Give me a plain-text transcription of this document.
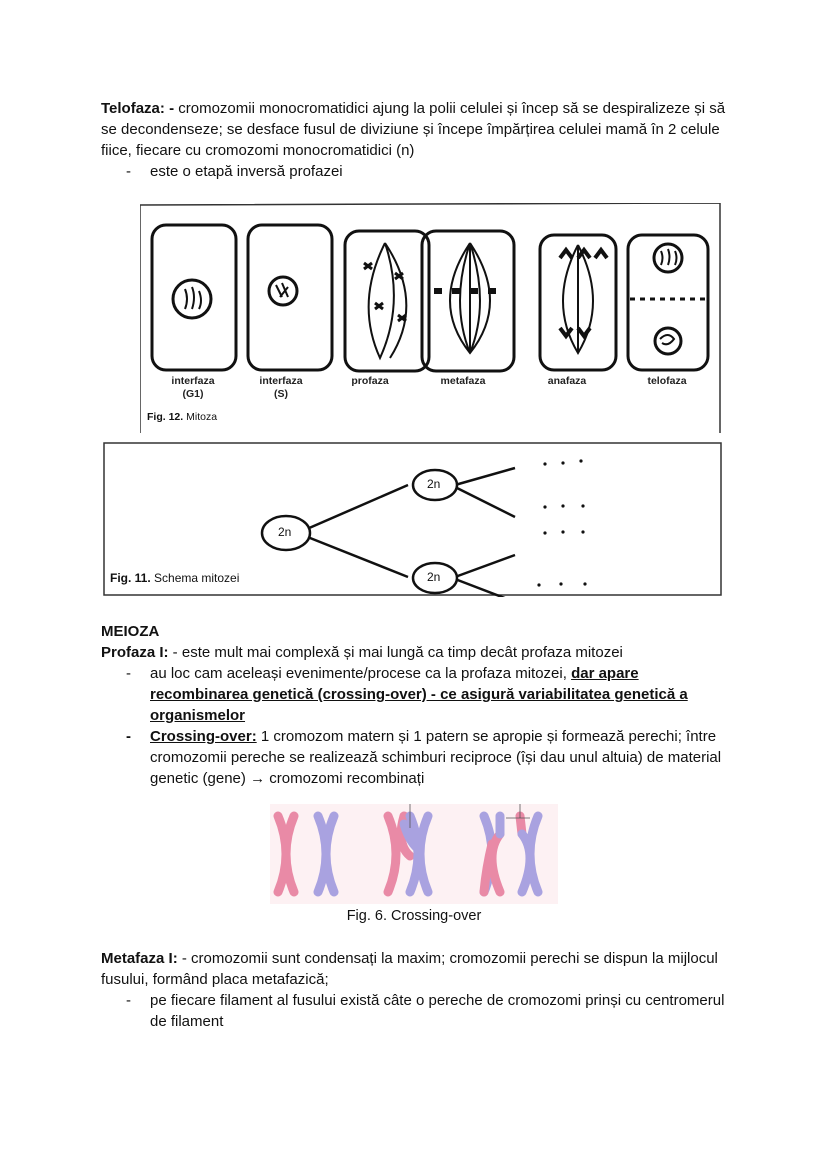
Telofaza: - cromozomii monocromatidici ajung la polii celulei și încep să se despiralizeze și să se decondenseze; se desface fusul de diviziune și începe împărțirea celulei mamă în 2 celule fiice, fiecare cu cromozomi monocromatidici (n)
- este o etapă inversă profazei
interfaza
(G1)
interfaza
(S)
profaza	metafaza	anafaza	telofaza
Fig. 12. Mitoza
2n
2n
2n
Fig. 11. Schema mitozei
MEIOZA
Profaza I: - este mult mai complexă și mai lungă ca timp decât profaza mitozei
- au loc cam aceleași evenimente/procese ca la profaza mitozei, dar apare recombinarea genetică (crossing-over) - ce asigură variabilitatea genetică a organismelor
- Crossing-over: 1 cromozom matern și 1 patern se apropie și formează perechi; între cromozomii pereche se realizează schimburi reciproce (își dau unul altuia) de material genetic (gene) → cromozomi recombinați
Fig. 6. Crossing-over
Metafaza I: - cromozomii sunt condensați la maxim; cromozomii perechi se dispun la mijlocul fusului, formând placa metafazică;
- pe fiecare filament al fusului există câte o pereche de cromozomi prinși cu centromerul de filament
